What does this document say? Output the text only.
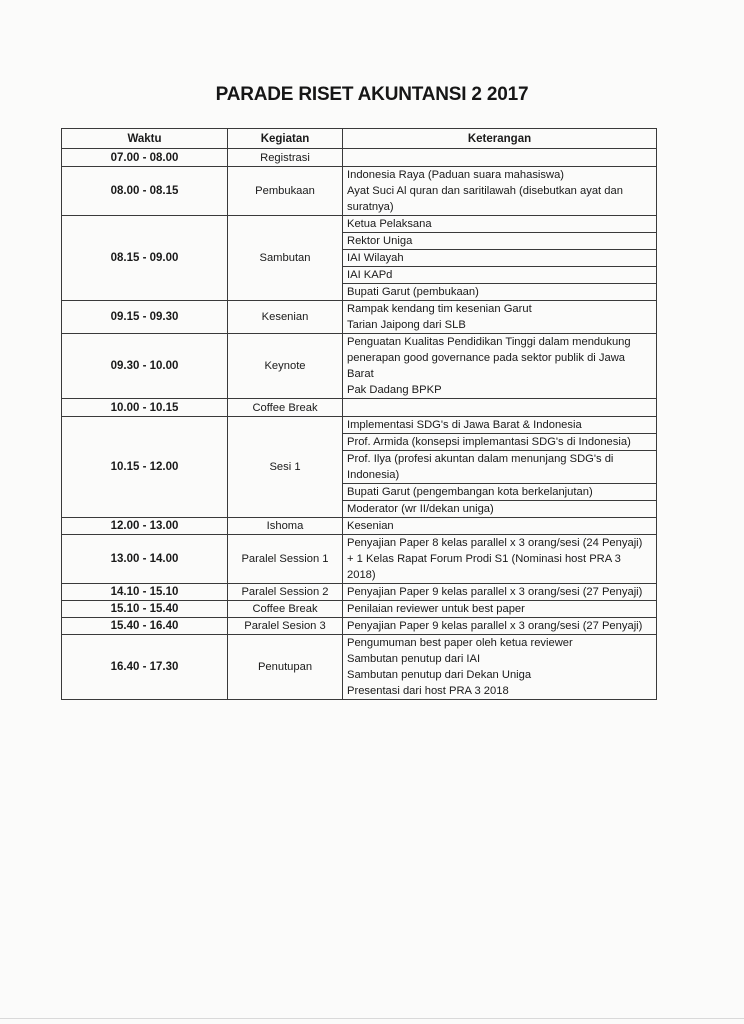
PARADE RISET AKUNTANSI 2 2017
Waktu	Kegiatan	Keterangan
07.00 - 08.00	Registrasi	
08.00 - 08.15	Pembukaan	Indonesia Raya (Paduan suara mahasiswa)
Ayat Suci Al quran dan saritilawah (disebutkan ayat dan suratnya)
08.15 - 09.00	Sambutan	Ketua Pelaksana
		Rektor Uniga
		IAI Wilayah
		IAI KAPd
		Bupati Garut (pembukaan)
09.15 - 09.30	Kesenian	Rampak kendang tim kesenian Garut
Tarian Jaipong dari SLB
09.30 - 10.00	Keynote	Penguatan Kualitas Pendidikan Tinggi dalam mendukung penerapan good governance pada sektor publik di Jawa Barat
Pak Dadang BPKP
10.00 - 10.15	Coffee Break	
10.15 - 12.00	Sesi 1	Implementasi SDG's di Jawa Barat & Indonesia
		Prof. Armida (konsepsi implemantasi SDG's di Indonesia)
		Prof. Ilya (profesi akuntan dalam menunjang SDG's di Indonesia)
		Bupati Garut (pengembangan kota berkelanjutan)
		Moderator (wr II/dekan uniga)
12.00 - 13.00	Ishoma	Kesenian
13.00 - 14.00	Paralel Session 1	Penyajian Paper 8 kelas parallel x 3 orang/sesi (24 Penyaji) + 1 Kelas Rapat Forum Prodi S1 (Nominasi host PRA 3 2018)
14.10 - 15.10	Paralel Session 2	Penyajian Paper 9 kelas parallel x 3 orang/sesi (27 Penyaji)
15.10 - 15.40	Coffee Break	Penilaian reviewer untuk best paper
15.40 - 16.40	Paralel Sesion 3	Penyajian Paper 9 kelas parallel x 3 orang/sesi (27 Penyaji)
16.40 - 17.30	Penutupan	Pengumuman best paper oleh ketua reviewer
Sambutan penutup dari IAI
Sambutan penutup dari Dekan Uniga
Presentasi dari host PRA 3 2018
